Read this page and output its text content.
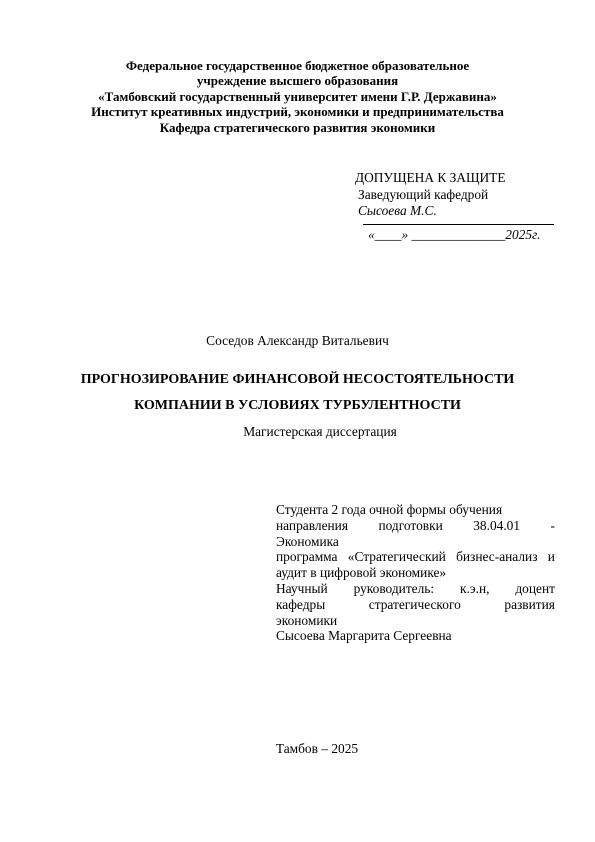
Федеральное государственное бюджетное образовательное
учреждение высшего образования
«Тамбовский государственный университет имени Г.Р. Державина»
Институт креативных индустрий, экономики и предпринимательства
Кафедра стратегического развития экономики
ДОПУЩЕНА К ЗАЩИТЕ
Заведующий кафедрой
Сысоева М.С.
«____» ______________2025г.
Соседов Александр Витальевич
ПРОГНОЗИРОВАНИЕ ФИНАНСОВОЙ НЕСОСТОЯТЕЛЬНОСТИ
КОМПАНИИ В УСЛОВИЯХ ТУРБУЛЕНТНОСТИ
Магистерская диссертация
Студента 2 года очной формы обучения
направления подготовки 38.04.01 -
Экономика
программа «Стратегический бизнес-анализ и
аудит в цифровой экономике»
Научный руководитель: к.э.н, доцент
кафедры	стратегического	развития
экономики
Сысоева Маргарита Сергеевна
Тамбов – 2025
